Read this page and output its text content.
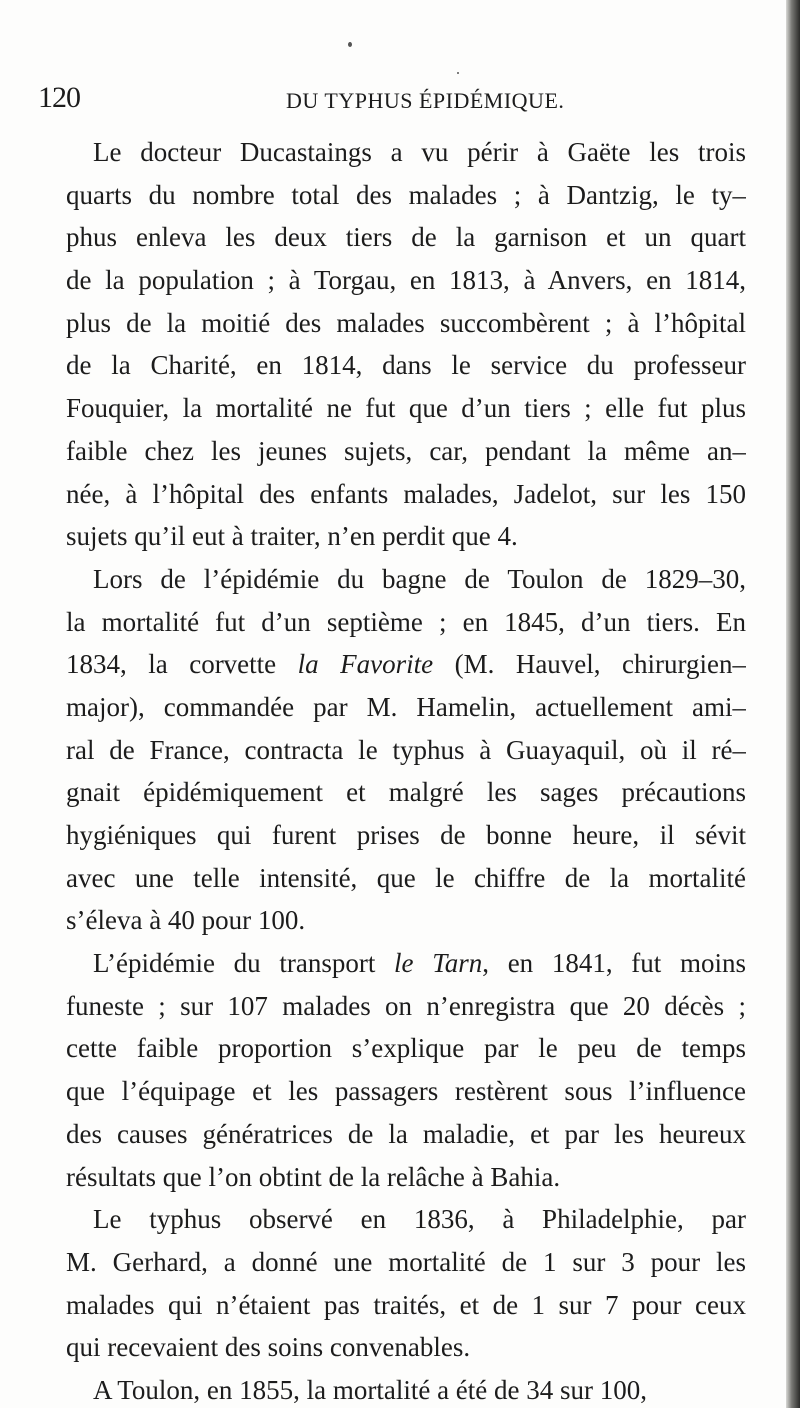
120	DU TYPHUS ÉPIDÉMIQUE.
Le docteur Ducastaings a vu périr à Gaëte les trois
quarts du nombre total des malades ; à Dantzig, le ty–
phus enleva les deux tiers de la garnison et un quart
de la population ; à Torgau, en 1813, à Anvers, en 1814,
plus de la moitié des malades succombèrent ; à l’hôpital
de la Charité, en 1814, dans le service du professeur
Fouquier, la mortalité ne fut que d’un tiers ; elle fut plus
faible chez les jeunes sujets, car, pendant la même an–
née, à l’hôpital des enfants malades, Jadelot, sur les 150
sujets qu’il eut à traiter, n’en perdit que 4.
Lors de l’épidémie du bagne de Toulon de 1829–30,
la mortalité fut d’un septième ; en 1845, d’un tiers. En
1834, la corvette la Favorite (M. Hauvel, chirurgien–
major), commandée par M. Hamelin, actuellement ami–
ral de France, contracta le typhus à Guayaquil, où il ré–
gnait épidémiquement et malgré les sages précautions
hygiéniques qui furent prises de bonne heure, il sévit
avec une telle intensité, que le chiffre de la mortalité
s’éleva à 40 pour 100.
L’épidémie du transport le Tarn, en 1841, fut moins
funeste ; sur 107 malades on n’enregistra que 20 décès ;
cette faible proportion s’explique par le peu de temps
que l’équipage et les passagers restèrent sous l’influence
des causes génératrices de la maladie, et par les heureux
résultats que l’on obtint de la relâche à Bahia.
Le typhus observé en 1836, à Philadelphie, par
M. Gerhard, a donné une mortalité de 1 sur 3 pour les
malades qui n’étaient pas traités, et de 1 sur 7 pour ceux
qui recevaient des soins convenables.
A Toulon, en 1855, la mortalité a été de 34 sur 100,
